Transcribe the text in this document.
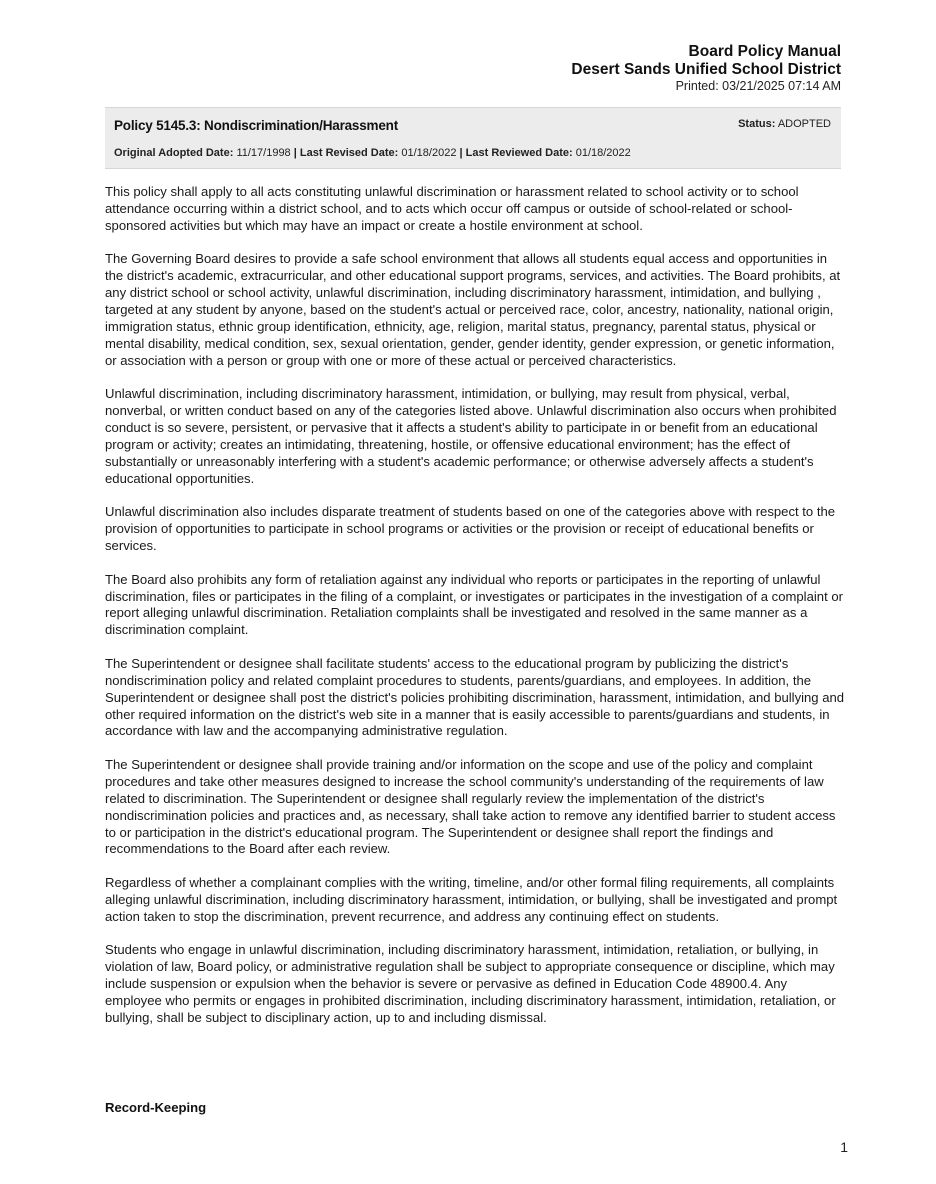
Board Policy Manual
Desert Sands Unified School District
Printed: 03/21/2025 07:14 AM
Policy 5145.3: Nondiscrimination/Harassment	Status: ADOPTED
Original Adopted Date: 11/17/1998 | Last Revised Date: 01/18/2022 | Last Reviewed Date: 01/18/2022

This policy shall apply to all acts constituting unlawful discrimination or harassment related to school activity or to school attendance occurring within a district school, and to acts which occur off campus or outside of school-related or school-sponsored activities but which may have an impact or create a hostile environment at school.

The Governing Board desires to provide a safe school environment that allows all students equal access and opportunities in the district's academic, extracurricular, and other educational support programs, services, and activities. The Board prohibits, at any district school or school activity, unlawful discrimination, including discriminatory harassment, intimidation, and bullying , targeted at any student by anyone, based on the student's actual or perceived race, color, ancestry, nationality, national origin, immigration status, ethnic group identification, ethnicity, age, religion, marital status, pregnancy, parental status, physical or mental disability, medical condition, sex, sexual orientation, gender, gender identity, gender expression, or genetic information, or association with a person or group with one or more of these actual or perceived characteristics.

Unlawful discrimination, including discriminatory harassment, intimidation, or bullying, may result from physical, verbal, nonverbal, or written conduct based on any of the categories listed above. Unlawful discrimination also occurs when prohibited conduct is so severe, persistent, or pervasive that it affects a student's ability to participate in or benefit from an educational program or activity; creates an intimidating, threatening, hostile, or offensive educational environment; has the effect of substantially or unreasonably interfering with a student's academic performance; or otherwise adversely affects a student's educational opportunities.

Unlawful discrimination also includes disparate treatment of students based on one of the categories above with respect to the provision of opportunities to participate in school programs or activities or the provision or receipt of educational benefits or services.

The Board also prohibits any form of retaliation against any individual who reports or participates in the reporting of unlawful discrimination, files or participates in the filing of a complaint, or investigates or participates in the investigation of a complaint or report alleging unlawful discrimination. Retaliation complaints shall be investigated and resolved in the same manner as a discrimination complaint.

The Superintendent or designee shall facilitate students' access to the educational program by publicizing the district's nondiscrimination policy and related complaint procedures to students, parents/guardians, and employees. In addition, the Superintendent or designee shall post the district's policies prohibiting discrimination, harassment, intimidation, and bullying and other required information on the district's web site in a manner that is easily accessible to parents/guardians and students, in accordance with law and the accompanying administrative regulation.

The Superintendent or designee shall provide training and/or information on the scope and use of the policy and complaint procedures and take other measures designed to increase the school community's understanding of the requirements of law related to discrimination. The Superintendent or designee shall regularly review the implementation of the district's nondiscrimination policies and practices and, as necessary, shall take action to remove any identified barrier to student access to or participation in the district's educational program. The Superintendent or designee shall report the findings and recommendations to the Board after each review.

Regardless of whether a complainant complies with the writing, timeline, and/or other formal filing requirements, all complaints alleging unlawful discrimination, including discriminatory harassment, intimidation, or bullying, shall be investigated and prompt action taken to stop the discrimination, prevent recurrence, and address any continuing effect on students.

Students who engage in unlawful discrimination, including discriminatory harassment, intimidation, retaliation, or bullying, in violation of law, Board policy, or administrative regulation shall be subject to appropriate consequence or discipline, which may include suspension or expulsion when the behavior is severe or pervasive as defined in Education Code 48900.4. Any employee who permits or engages in prohibited discrimination, including discriminatory harassment, intimidation, retaliation, or bullying, shall be subject to disciplinary action, up to and including dismissal.

Record-Keeping
1
